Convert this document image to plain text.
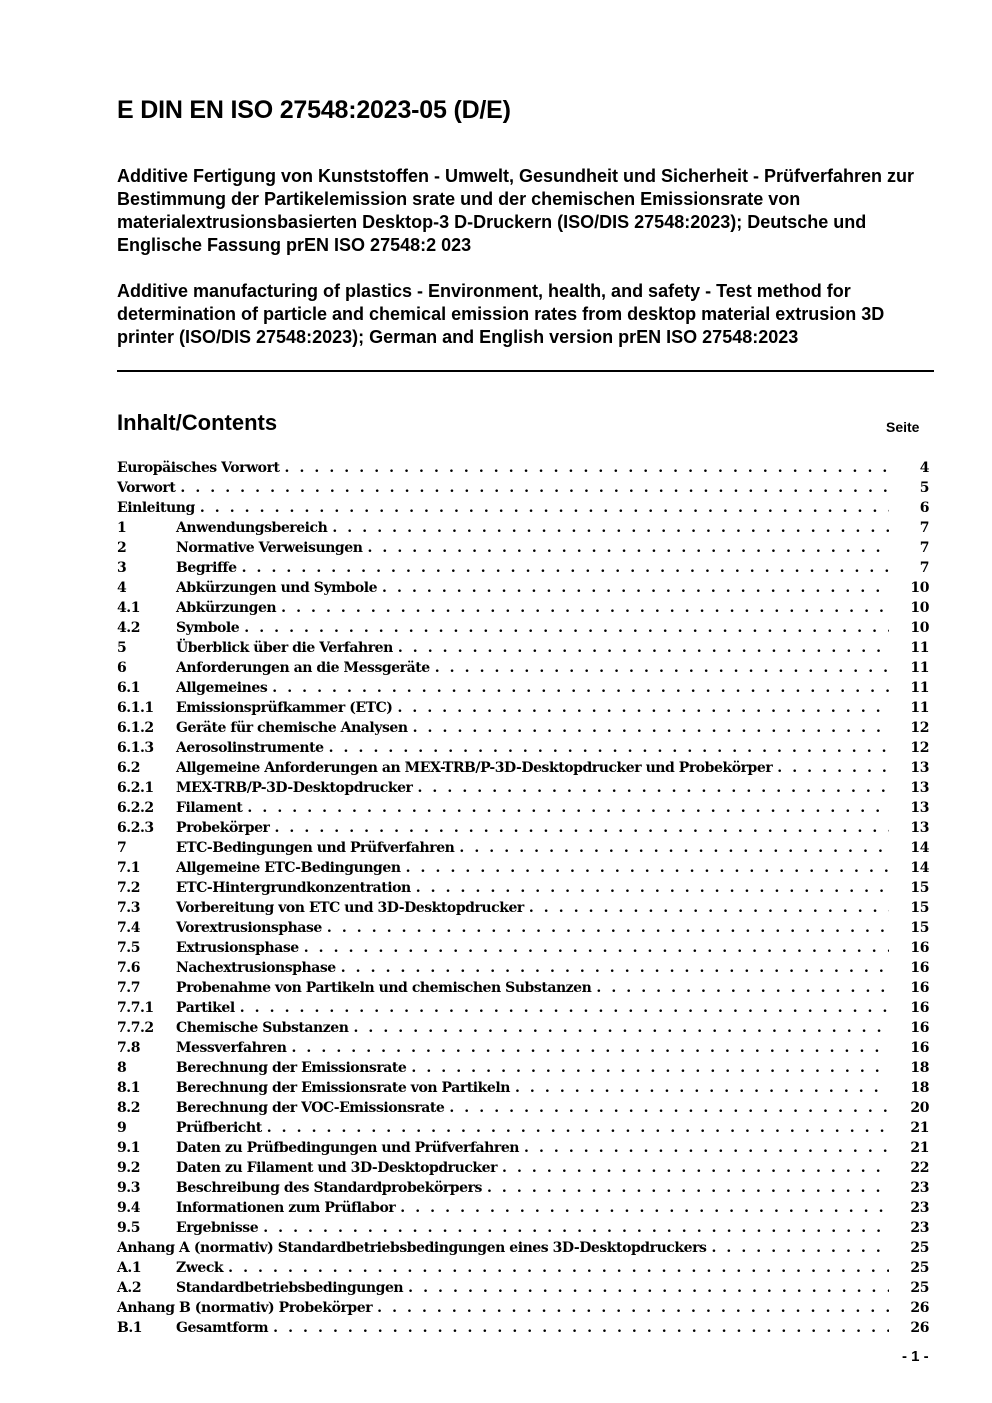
E DIN EN ISO 27548:2023-05 (D/E)

Additive Fertigung von Kunststoffen - Umwelt, Gesundheit und Sicherheit - Prüfverfahren zur Bestimmung der Partikelemission srate und der chemischen Emissionsrate von materialextrusionsbasierten Desktop-3 D-Druckern (ISO/DIS 27548:2023); Deutsche und Englische Fassung prEN ISO 27548:2 023

Additive manufacturing of plastics - Environment, health, and safety - Test method for determination of particle and chemical emission rates from desktop material extrusion 3D printer (ISO/DIS 27548:2023); German and English version prEN ISO 27548:2023

Inhalt/Contents	Seite
Europäisches Vorwort . . .	4
Vorwort . . .	5
Einleitung . . .	6
1	Anwendungsbereich . . .	7
2	Normative Verweisungen . . .	7
3	Begriffe . . .	7
4	Abkürzungen und Symbole . . .	10
4.1	Abkürzungen . . .	10
4.2	Symbole . . .	10
5	Überblick über die Verfahren . . .	11
6	Anforderungen an die Messgeräte . . .	11
6.1	Allgemeines . . .	11
6.1.1	Emissionsprüfkammer (ETC) . . .	11
6.1.2	Geräte für chemische Analysen . . .	12
6.1.3	Aerosolinstrumente . . .	12
6.2	Allgemeine Anforderungen an MEX-TRB/P-3D-Desktopdrucker und Probekörper . . .	13
6.2.1	MEX-TRB/P-3D-Desktopdrucker . . .	13
6.2.2	Filament . . .	13
6.2.3	Probekörper . . .	13
7	ETC-Bedingungen und Prüfverfahren . . .	14
7.1	Allgemeine ETC-Bedingungen . . .	14
7.2	ETC-Hintergrundkonzentration . . .	15
7.3	Vorbereitung von ETC und 3D-Desktopdrucker . . .	15
7.4	Vorextrusionsphase . . .	15
7.5	Extrusionsphase . . .	16
7.6	Nachextrusionsphase . . .	16
7.7	Probenahme von Partikeln und chemischen Substanzen . . .	16
7.7.1	Partikel . . .	16
7.7.2	Chemische Substanzen . . .	16
7.8	Messverfahren . . .	16
8	Berechnung der Emissionsrate . . .	18
8.1	Berechnung der Emissionsrate von Partikeln . . .	18
8.2	Berechnung der VOC-Emissionsrate . . .	20
9	Prüfbericht . . .	21
9.1	Daten zu Prüfbedingungen und Prüfverfahren . . .	21
9.2	Daten zu Filament und 3D-Desktopdrucker . . .	22
9.3	Beschreibung des Standardprobekörpers . . .	23
9.4	Informationen zum Prüflabor . . .	23
9.5	Ergebnisse . . .	23
Anhang A (normativ) Standardbetriebsbedingungen eines 3D-Desktopdruckers . . .	25
A.1	Zweck . . .	25
A.2	Standardbetriebsbedingungen . . .	25
Anhang B (normativ) Probekörper . . .	26
B.1	Gesamtform . . .	26
- 1 -
